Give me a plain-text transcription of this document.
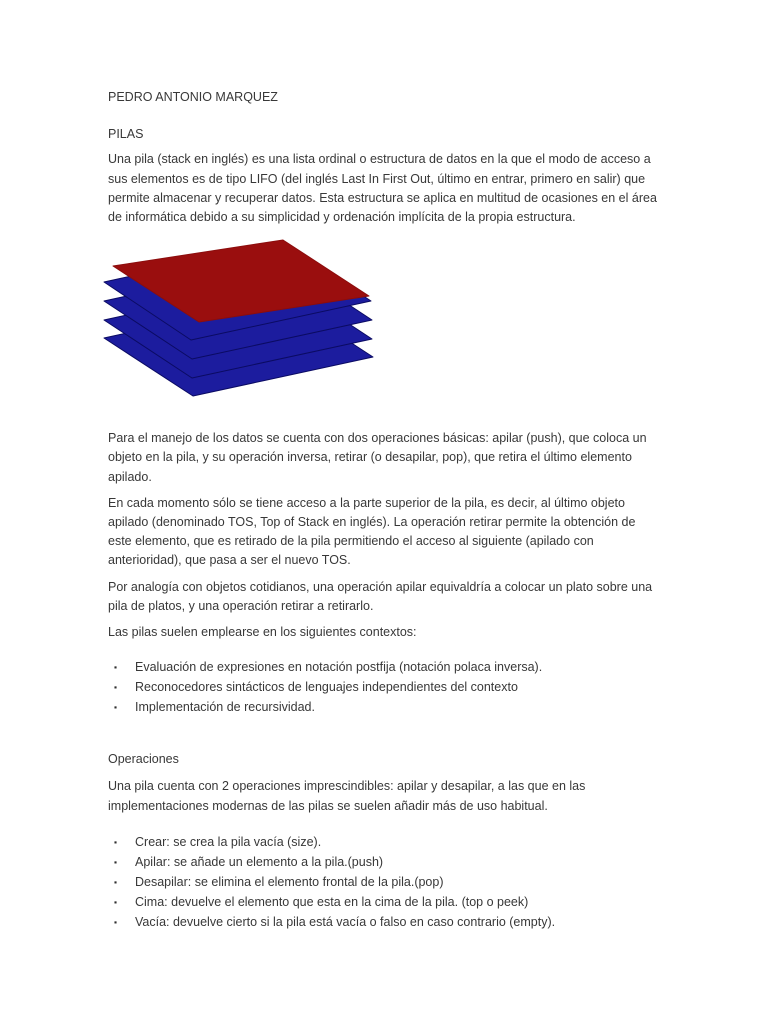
PEDRO ANTONIO MARQUEZ

PILAS

Una pila (stack en inglés) es una lista ordinal o estructura de datos en la que el modo de acceso a sus elementos es de tipo LIFO (del inglés Last In First Out, último en entrar, primero en salir) que permite almacenar y recuperar datos. Esta estructura se aplica en multitud de ocasiones en el área de informática debido a su simplicidad y ordenación implícita de la propia estructura.

Para el manejo de los datos se cuenta con dos operaciones básicas: apilar (push), que coloca un objeto en la pila, y su operación inversa, retirar (o desapilar, pop), que retira el último elemento apilado.

En cada momento sólo se tiene acceso a la parte superior de la pila, es decir, al último objeto apilado (denominado TOS, Top of Stack en inglés). La operación retirar permite la obtención de este elemento, que es retirado de la pila permitiendo el acceso al siguiente (apilado con anterioridad), que pasa a ser el nuevo TOS.

Por analogía con objetos cotidianos, una operación apilar equivaldría a colocar un plato sobre una pila de platos, y una operación retirar a retirarlo.

Las pilas suelen emplearse en los siguientes contextos:

▪	Evaluación de expresiones en notación postfija (notación polaca inversa).
▪	Reconocedores sintácticos de lenguajes independientes del contexto
▪	Implementación de recursividad.

Operaciones

Una pila cuenta con 2 operaciones imprescindibles: apilar y desapilar, a las que en las implementaciones modernas de las pilas se suelen añadir más de uso habitual.

▪	Crear: se crea la pila vacía (size).
▪	Apilar: se añade un elemento a la pila.(push)
▪	Desapilar: se elimina el elemento frontal de la pila.(pop)
▪	Cima: devuelve el elemento que esta en la cima de la pila. (top o peek)
▪	Vacía: devuelve cierto si la pila está vacía o falso en caso contrario (empty).
